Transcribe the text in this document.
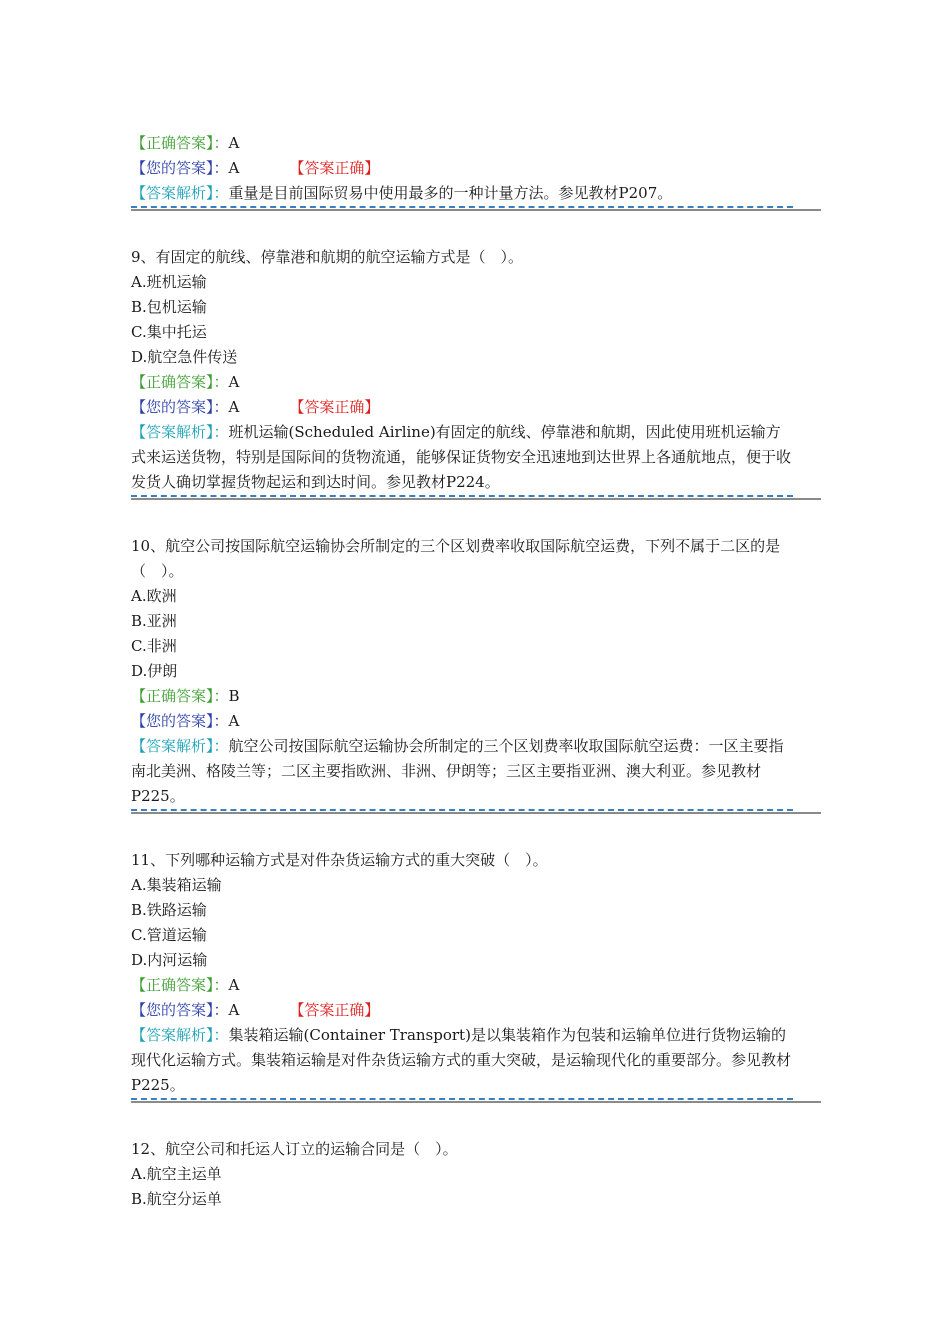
【正确答案】：A
【您的答案】：A	【答案正确】
【答案解析】：重量是目前国际贸易中使用最多的一种计量方法。参见教材P207。
9、有固定的航线、停靠港和航期的航空运输方式是（　）。
A.班机运输
B.包机运输
C.集中托运
D.航空急件传送
【正确答案】：A
【您的答案】：A	【答案正确】
【答案解析】：班机运输(Scheduled Airline)有固定的航线、停靠港和航期，因此使用班机运输方式来运送货物，特别是国际间的货物流通，能够保证货物安全迅速地到达世界上各通航地点，便于收发货人确切掌握货物起运和到达时间。参见教材P224。
10、航空公司按国际航空运输协会所制定的三个区划费率收取国际航空运费，下列不属于二区的是（　）。
A.欧洲
B.亚洲
C.非洲
D.伊朗
【正确答案】：B
【您的答案】：A
【答案解析】：航空公司按国际航空运输协会所制定的三个区划费率收取国际航空运费：一区主要指南北美洲、格陵兰等；二区主要指欧洲、非洲、伊朗等；三区主要指亚洲、澳大利亚。参见教材P225。
11、下列哪种运输方式是对件杂货运输方式的重大突破（　）。
A.集装箱运输
B.铁路运输
C.管道运输
D.内河运输
【正确答案】：A
【您的答案】：A	【答案正确】
【答案解析】：集装箱运输(Container Transport)是以集装箱作为包装和运输单位进行货物运输的现代化运输方式。集装箱运输是对件杂货运输方式的重大突破，是运输现代化的重要部分。参见教材P225。
12、航空公司和托运人订立的运输合同是（　）。
A.航空主运单
B.航空分运单
